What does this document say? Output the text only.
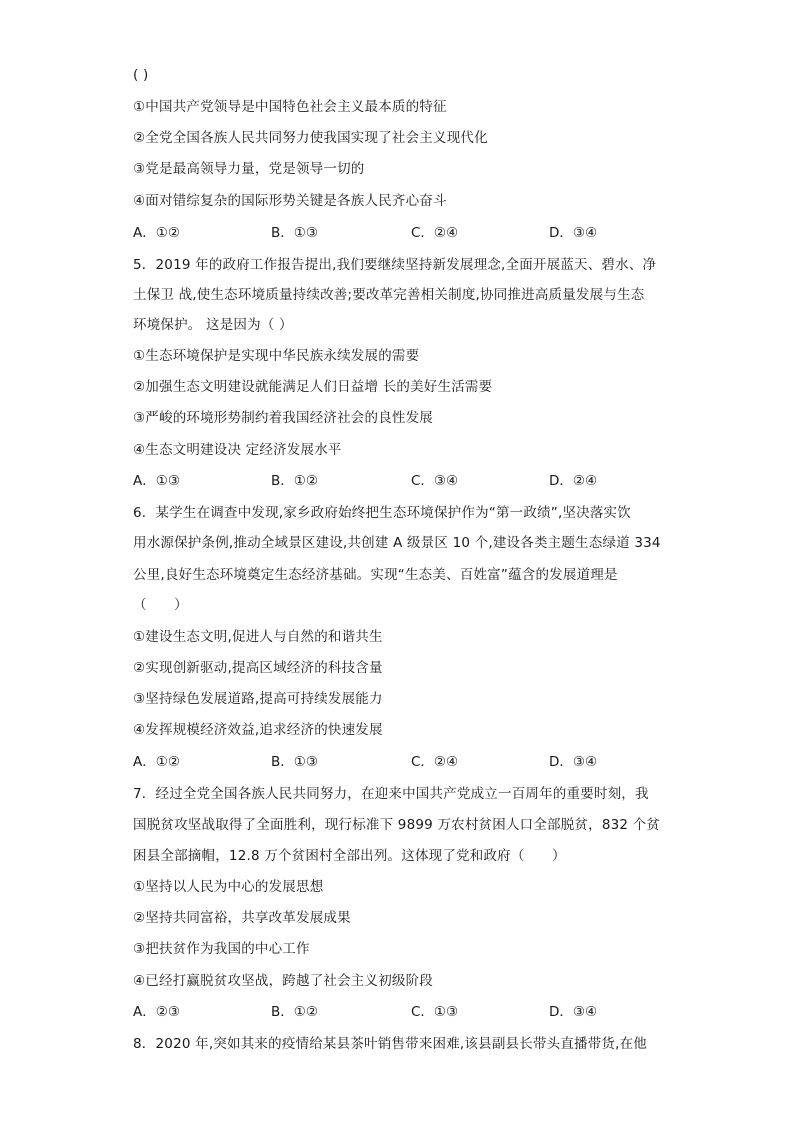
( )
①中国共产党领导是中国特色社会主义最本质的特征
②全党全国各族人民共同努力使我国实现了社会主义现代化
③党是最高领导力量，党是领导一切的
④面对错综复杂的国际形势关键是各族人民齐心奋斗
A．①②	B．①③	C．②④	D．③④
5．2019 年的政府工作报告提出,我们要继续坚持新发展理念,全面开展蓝天、碧水、净
土保卫 战,使生态环境质量持续改善;要改革完善相关制度,协同推进高质量发展与生态
环境保护。 这是因为（ ）
①生态环境保护是实现中华民族永续发展的需要
②加强生态文明建设就能满足人们日益增 长的美好生活需要
③严峻的环境形势制约着我国经济社会的良性发展
④生态文明建设决 定经济发展水平
A．①③	B．①②	C．③④	D．②④
6．某学生在调查中发现,家乡政府始终把生态环境保护作为“第一政绩”,坚决落实饮
用水源保护条例,推动全域景区建设,共创建 A 级景区 10 个,建设各类主题生态绿道 334
公里,良好生态环境奠定生态经济基础。实现“生态美、百姓富”蕴含的发展道理是
（　　）
①建设生态文明,促进人与自然的和谐共生
②实现创新驱动,提高区域经济的科技含量
③坚持绿色发展道路,提高可持续发展能力
④发挥规模经济效益,追求经济的快速发展
A．①②	B．①③	C．②④	D．③④
7．经过全党全国各族人民共同努力，在迎来中国共产党成立一百周年的重要时刻，我
国脱贫攻坚战取得了全面胜利，现行标准下 9899 万农村贫困人口全部脱贫，832 个贫
困县全部摘帽，12.8 万个贫困村全部出列。这体现了党和政府（　　）
①坚持以人民为中心的发展思想
②坚持共同富裕，共享改革发展成果
③把扶贫作为我国的中心工作
④已经打赢脱贫攻坚战，跨越了社会主义初级阶段
A．②③	B．①②	C．①③	D．③④
8．2020 年,突如其来的疫情给某县茶叶销售带来困难,该县副县长带头直播带货,在他
